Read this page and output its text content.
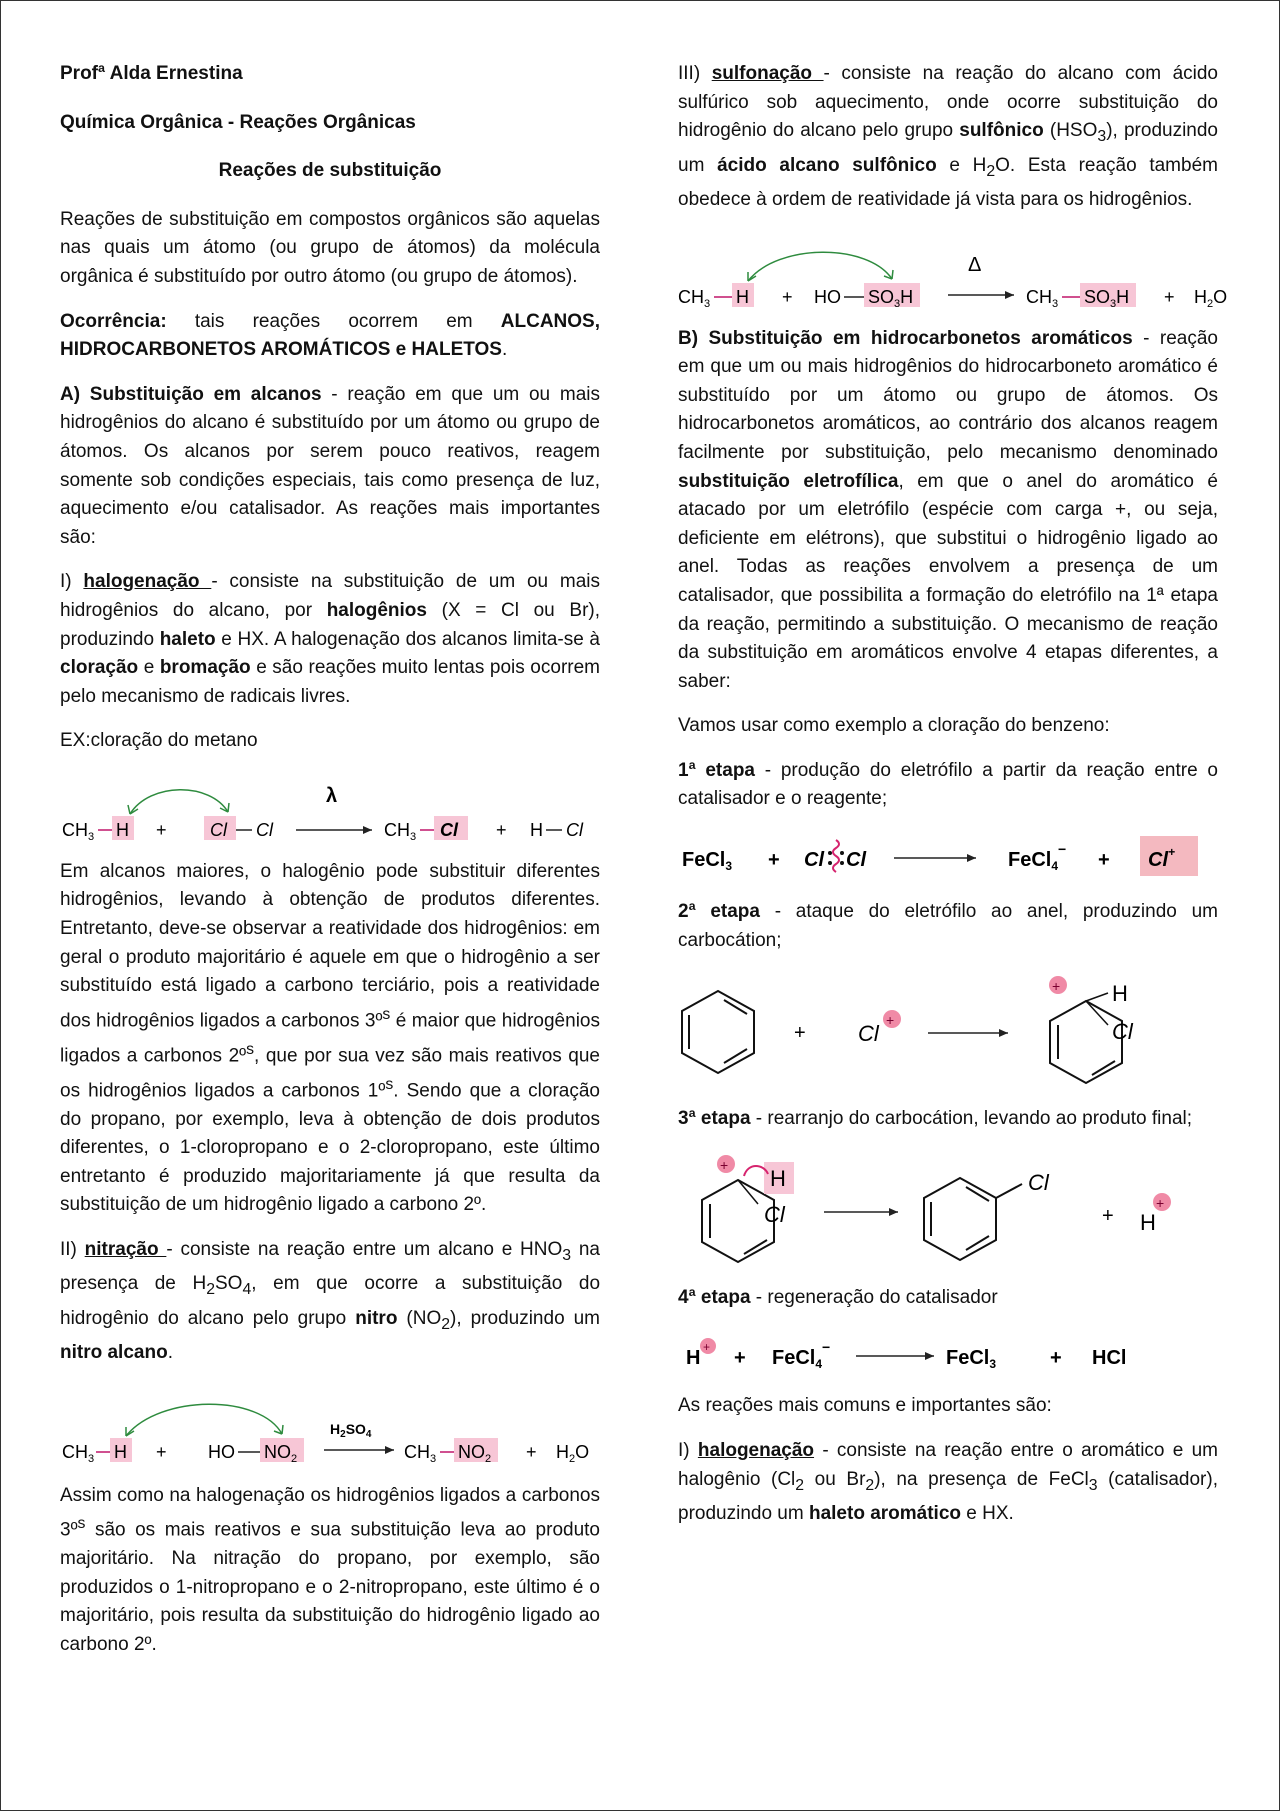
Profª Alda Ernestina

Química Orgânica - Reações Orgânicas

Reações de substituição

Reações de substituição em compostos orgânicos são aquelas nas quais um átomo (ou grupo de átomos) da molécula orgânica é substituído por outro átomo (ou grupo de átomos).

Ocorrência: tais reações ocorrem em ALCANOS, HIDROCARBONETOS AROMÁTICOS e HALETOS.

A) Substituição em alcanos - reação em que um ou mais hidrogênios do alcano é substituído por um átomo ou grupo de átomos. Os alcanos por serem pouco reativos, reagem somente sob condições especiais, tais como presença de luz, aquecimento e/ou catalisador. As reações mais importantes são:

I) halogenação - consiste na substituição de um ou mais hidrogênios do alcano, por halogênios (X = Cl ou Br), produzindo haleto e HX. A halogenação dos alcanos limita-se à cloração e bromação e são reações muito lentas pois ocorrem pelo mecanismo de radicais livres.

EX:cloração do metano

$CH_3$ H + Cl Cl
λ
$CH_3$ Cl + H Cl

Em alcanos maiores, o halogênio pode substituir diferentes hidrogênios, levando à obtenção de produtos diferentes. Entretanto, deve-se observar a reatividade dos hidrogênios: em geral o produto majoritário é aquele em que o hidrogênio a ser substituído está ligado a carbono terciário, pois a reatividade dos hidrogênios ligados a carbonos 3º$^s$ é maior que hidrogênios ligados a carbonos 2º$^s$, que por sua vez são mais reativos que os hidrogênios ligados a carbonos 1º$^s$. Sendo que a cloração do propano, por exemplo, leva à obtenção de dois produtos diferentes, o 1-cloropropano e o 2-cloropropano, este último entretanto é produzido majoritariamente já que resulta da substituição de um hidrogênio ligado a carbono 2º.

II) nitração - consiste na reação entre um alcano e $HNO_3$ na presença de $H_2SO_4$, em que ocorre a substituição do hidrogênio do alcano pelo grupo nitro $(NO_2)$, produzindo um nitro alcano.

$CH_3$ H + HO $NO_2$
$H_2SO_4$
$CH_3$ $NO_2 + H_2O$

Assim como na halogenação os hidrogênios ligados a carbonos 3º$^s$ são os mais reativos e sua substituição leva ao produto majoritário. Na nitração do propano, por exemplo, são produzidos o 1-nitropropano e o 2-nitropropano, este último é o majoritário, pois resulta da substituição do hidrogênio ligado ao carbono 2º.

III) sulfonação - consiste na reação do alcano com ácido sulfúrico sob aquecimento, onde ocorre substituição do hidrogênio do alcano pelo grupo sulfônico $(HSO_3)$, produzindo um ácido alcano sulfônico e $H_2O$. Esta reação também obedece à ordem de reatividade já vista para os hidrogênios.

$CH_3$ H + HO $SO_3H$
Δ
$CH_3$ $SO_3H + H_2O$

B) Substituição em hidrocarbonetos aromáticos - reação em que um ou mais hidrogênios do hidrocarboneto aromático é substituído por um átomo ou grupo de átomos. Os hidrocarbonetos aromáticos, ao contrário dos alcanos reagem facilmente por substituição, pelo mecanismo denominado substituição eletrofílica, em que o anel do aromático é atacado por um eletrófilo (espécie com carga +, ou seja, deficiente em elétrons), que substitui o hidrogênio ligado ao anel. Todas as reações envolvem a presença de um catalisador, que possibilita a formação do eletrófilo na 1ª etapa da reação, permitindo a substituição. O mecanismo de reação da substituição em aromáticos envolve 4 etapas diferentes, a saber:

Vamos usar como exemplo a cloração do benzeno:

1ª etapa - produção do eletrófilo a partir da reação entre o catalisador e o reagente;

FeCl$_3$ + Cl Cl	FeCl$_4$− + Cl+

2ª etapa - ataque do eletrófilo ao anel, produzindo um carbocátion;

+ Cl
+
+ H
Cl

3ª etapa - rearranjo do carbocátion, levando ao produto final;

+
H
Cl
Cl
+ H
+

4ª etapa - regeneração do catalisador

H + + FeCl$_4$−	FeCl$_3$	+ HCl

As reações mais comuns e importantes são:

I) halogenação - consiste na reação entre o aromático e um halogênio ($Cl_2$ ou $Br_2$), na presença de FeCl$_3$ (catalisador), produzindo um haleto aromático e HX.
